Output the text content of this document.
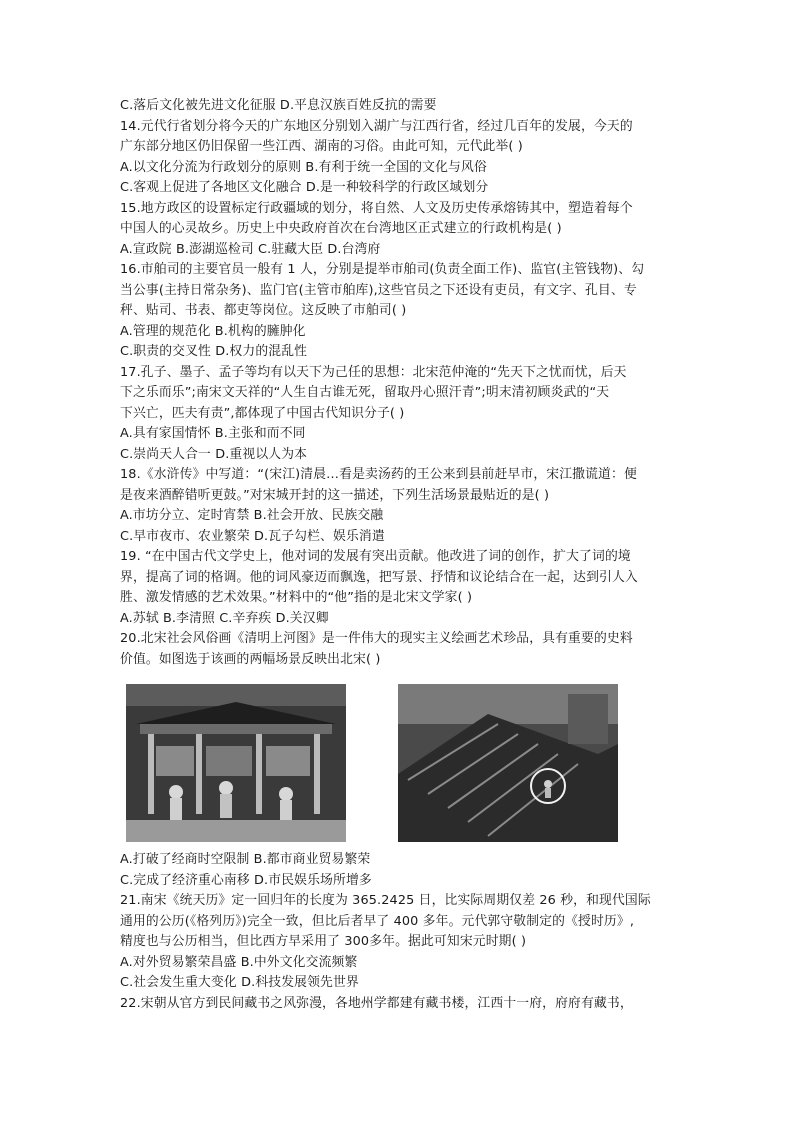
C.落后文化被先进文化征服 D.平息汉族百姓反抗的需要
14.元代行省划分将今天的广东地区分别划入湖广与江西行省，经过几百年的发展，今天的
广东部分地区仍旧保留一些江西、湖南的习俗。由此可知，元代此举( )
A.以文化分流为行政划分的原则 B.有利于统一全国的文化与风俗
C.客观上促进了各地区文化融合 D.是一种较科学的行政区域划分
15.地方政区的设置标定行政疆域的划分，将自然、人文及历史传承熔铸其中，塑造着每个
中国人的心灵故乡。历史上中央政府首次在台湾地区正式建立的行政机构是( )
A.宣政院 B.澎湖巡检司 C.驻藏大臣 D.台湾府
16.市舶司的主要官员一般有 1 人，分别是提举市舶司(负责全面工作)、监官(主管钱物)、勾
当公事(主持日常杂务)、监门官(主管市舶库),这些官员之下还设有吏员，有文字、孔目、专
秤、贴司、书表、都吏等岗位。这反映了市舶司( )
A.管理的规范化 B.机构的臃肿化
C.职责的交叉性 D.权力的混乱性
17.孔子、墨子、孟子等均有以天下为己任的思想：北宋范仲淹的“先天下之忧而忧，后天
下之乐而乐”;南宋文天祥的“人生自古谁无死，留取丹心照汗青”;明末清初顾炎武的“天
下兴亡，匹夫有责”,都体现了中国古代知识分子( )
A.具有家国情怀 B.主张和而不同
C.崇尚天人合一 D.重视以人为本
18.《水浒传》中写道：“(宋江)清晨…看是卖汤药的王公来到县前赶早市，宋江撒谎道：便
是夜来酒醉错听更鼓。”对宋城开封的这一描述，下列生活场景最贴近的是( )
A.市坊分立、定时宵禁 B.社会开放、民族交融
C.早市夜市、农业繁荣 D.瓦子勾栏、娱乐消遣
19. “在中国古代文学史上，他对词的发展有突出贡献。他改进了词的创作，扩大了词的境
界，提高了词的格调。他的词风豪迈而飘逸，把写景、抒情和议论结合在一起，达到引人入
胜、激发情感的艺术效果。”材料中的“他”指的是北宋文学家( )
A.苏轼 B.李清照 C.辛弃疾 D.关汉卿
20.北宋社会风俗画《清明上河图》是一件伟大的现实主义绘画艺术珍品，具有重要的史料
价值。如图选于该画的两幅场景反映出北宋( )
A.打破了经商时空限制 B.都市商业贸易繁荣
C.完成了经济重心南移 D.市民娱乐场所增多
21.南宋《统天历》定一回归年的长度为 365.2425 日，比实际周期仅差 26 秒，和现代国际
通用的公历(《格列历》)完全一致，但比后者早了 400 多年。元代郭守敬制定的《授时历》,
精度也与公历相当，但比西方早采用了 300多年。据此可知宋元时期( )
A.对外贸易繁荣昌盛 B.中外文化交流频繁
C.社会发生重大变化 D.科技发展领先世界
22.宋朝从官方到民间藏书之风弥漫，各地州学都建有藏书楼，江西十一府，府府有藏书，
